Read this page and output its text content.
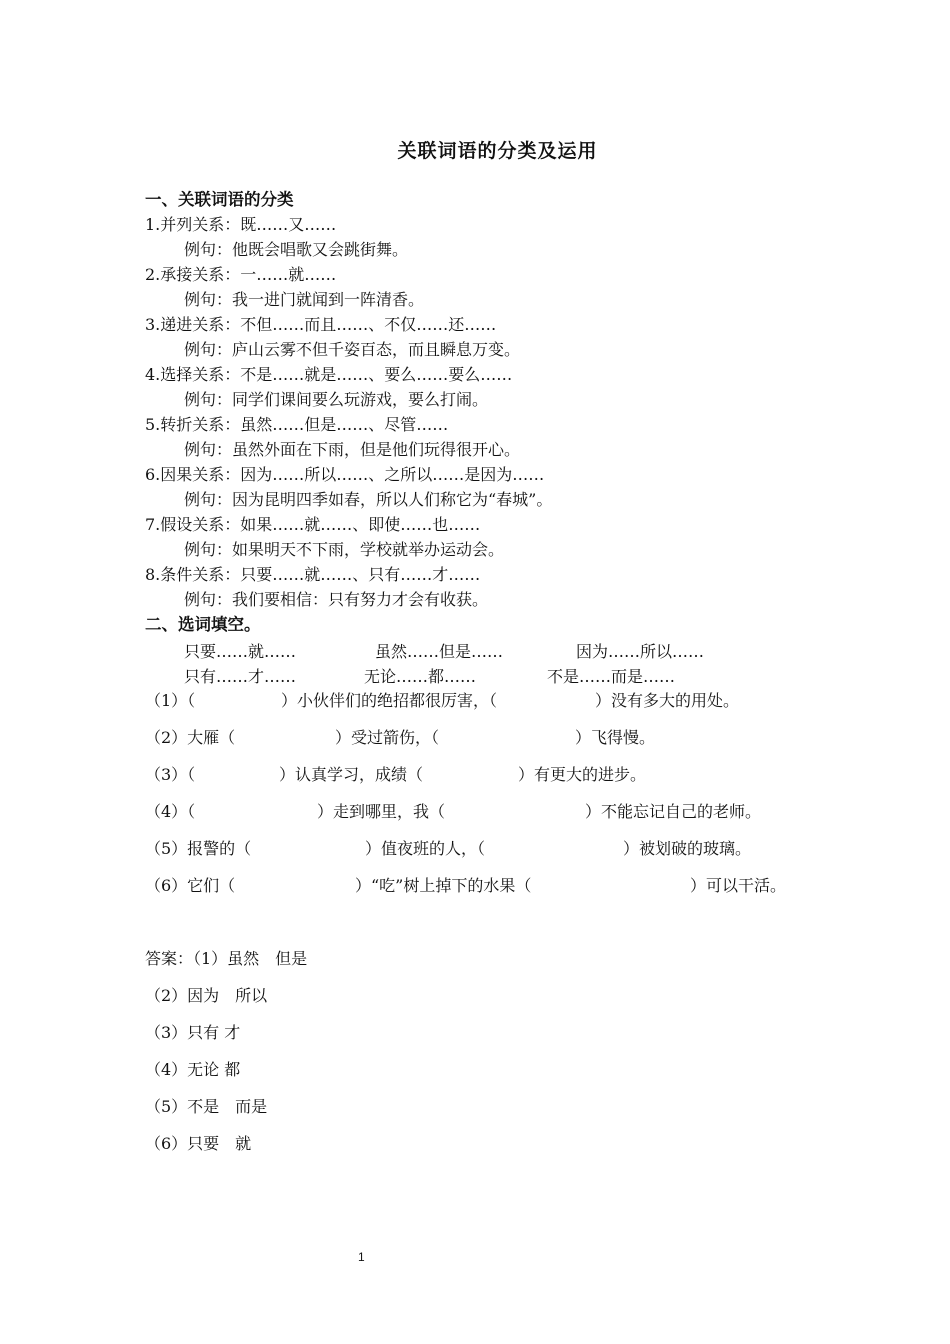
关联词语的分类及运用
一、关联词语的分类
1.并列关系：既……又……
例句：他既会唱歌又会跳街舞。
2.承接关系：一……就……
例句：我一进门就闻到一阵清香。
3.递进关系：不但……而且……、不仅……还……
例句：庐山云雾不但千姿百态，而且瞬息万变。
4.选择关系：不是……就是……、要么……要么……
例句：同学们课间要么玩游戏，要么打闹。
5.转折关系：虽然……但是……、尽管……
例句：虽然外面在下雨，但是他们玩得很开心。
6.因果关系：因为……所以……、之所以……是因为……
例句：因为昆明四季如春，所以人们称它为“春城”。
7.假设关系：如果……就……、即使……也……
例句：如果明天不下雨，学校就举办运动会。
8.条件关系：只要……就……、只有……才……
例句：我们要相信：只有努力才会有收获。
二、选词填空。
只要……就……	虽然……但是……	因为……所以……
只有……才……	无论……都……	不是……而是……
（1）（	）小伙伴们的绝招都很厉害，（	）没有多大的用处。
（2）大雁（	）受过箭伤，（	）飞得慢。
（3）（	）认真学习，成绩（	）有更大的进步。
（4）（	）走到哪里，我（	）不能忘记自己的老师。
（5）报警的（	）值夜班的人，（	）被划破的玻璃。
（6）它们（	）“吃”树上掉下的水果（	）可以干活。
答案：（1）虽然　但是
（2）因为　所以
（3）只有 才
（4）无论 都
（5）不是　而是
（6）只要　就
1
